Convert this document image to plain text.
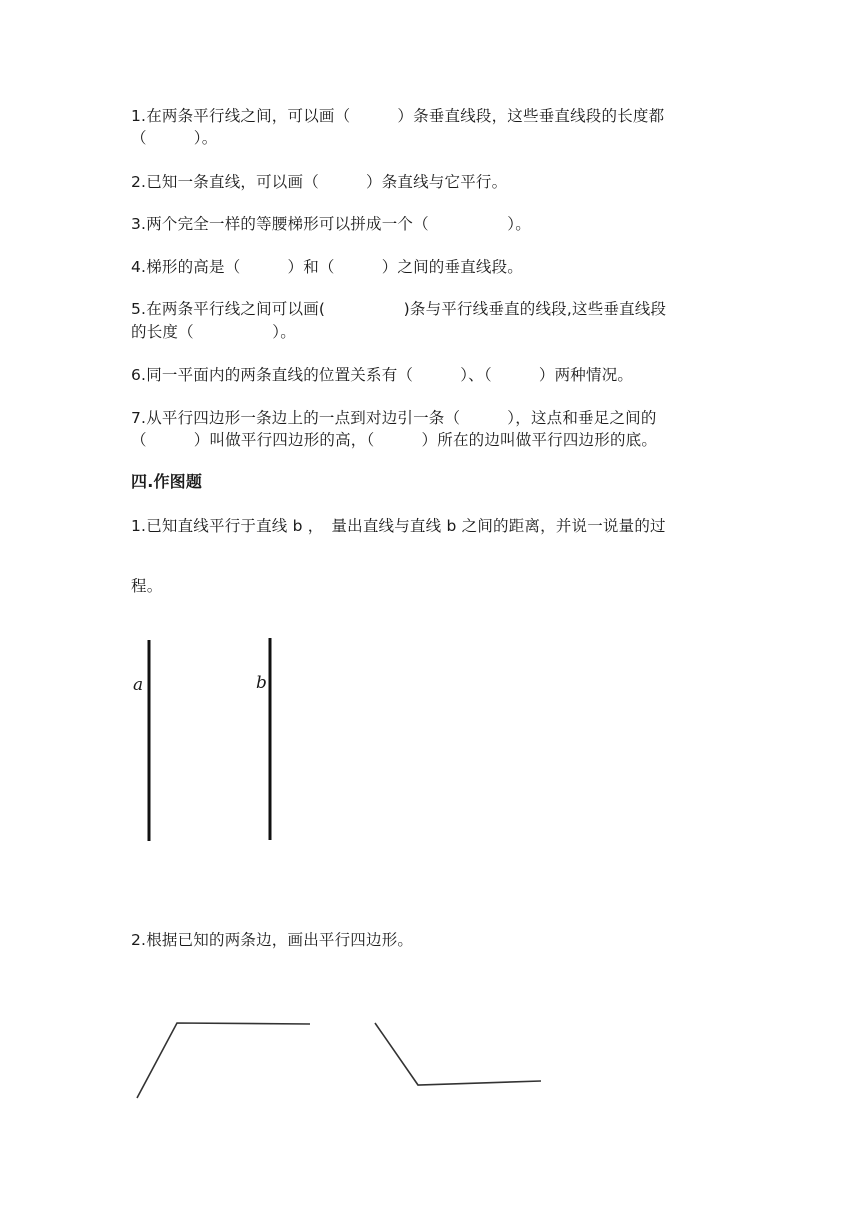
1.在两条平行线之间，可以画（　　　）条垂直线段，这些垂直线段的长度都
（　　　）。
2.已知一条直线，可以画（　　　）条直线与它平行。
3.两个完全一样的等腰梯形可以拼成一个（　　　　　）。
4.梯形的高是（　　　）和（　　　）之间的垂直线段。
5.在两条平行线之间可以画(　　　　　)条与平行线垂直的线段,这些垂直线段
的长度（　　　　　）。
6.同一平面内的两条直线的位置关系有（　　　）、（　　　）两种情况。
7.从平行四边形一条边上的一点到对边引一条（　　　），这点和垂足之间的
（　　　）叫做平行四边形的高，（　　　）所在的边叫做平行四边形的底。
四.作图题
1.已知直线平行于直线 b ，　量出直线与直线 b 之间的距离，并说一说量的过
程。
a	b
2.根据已知的两条边，画出平行四边形。
